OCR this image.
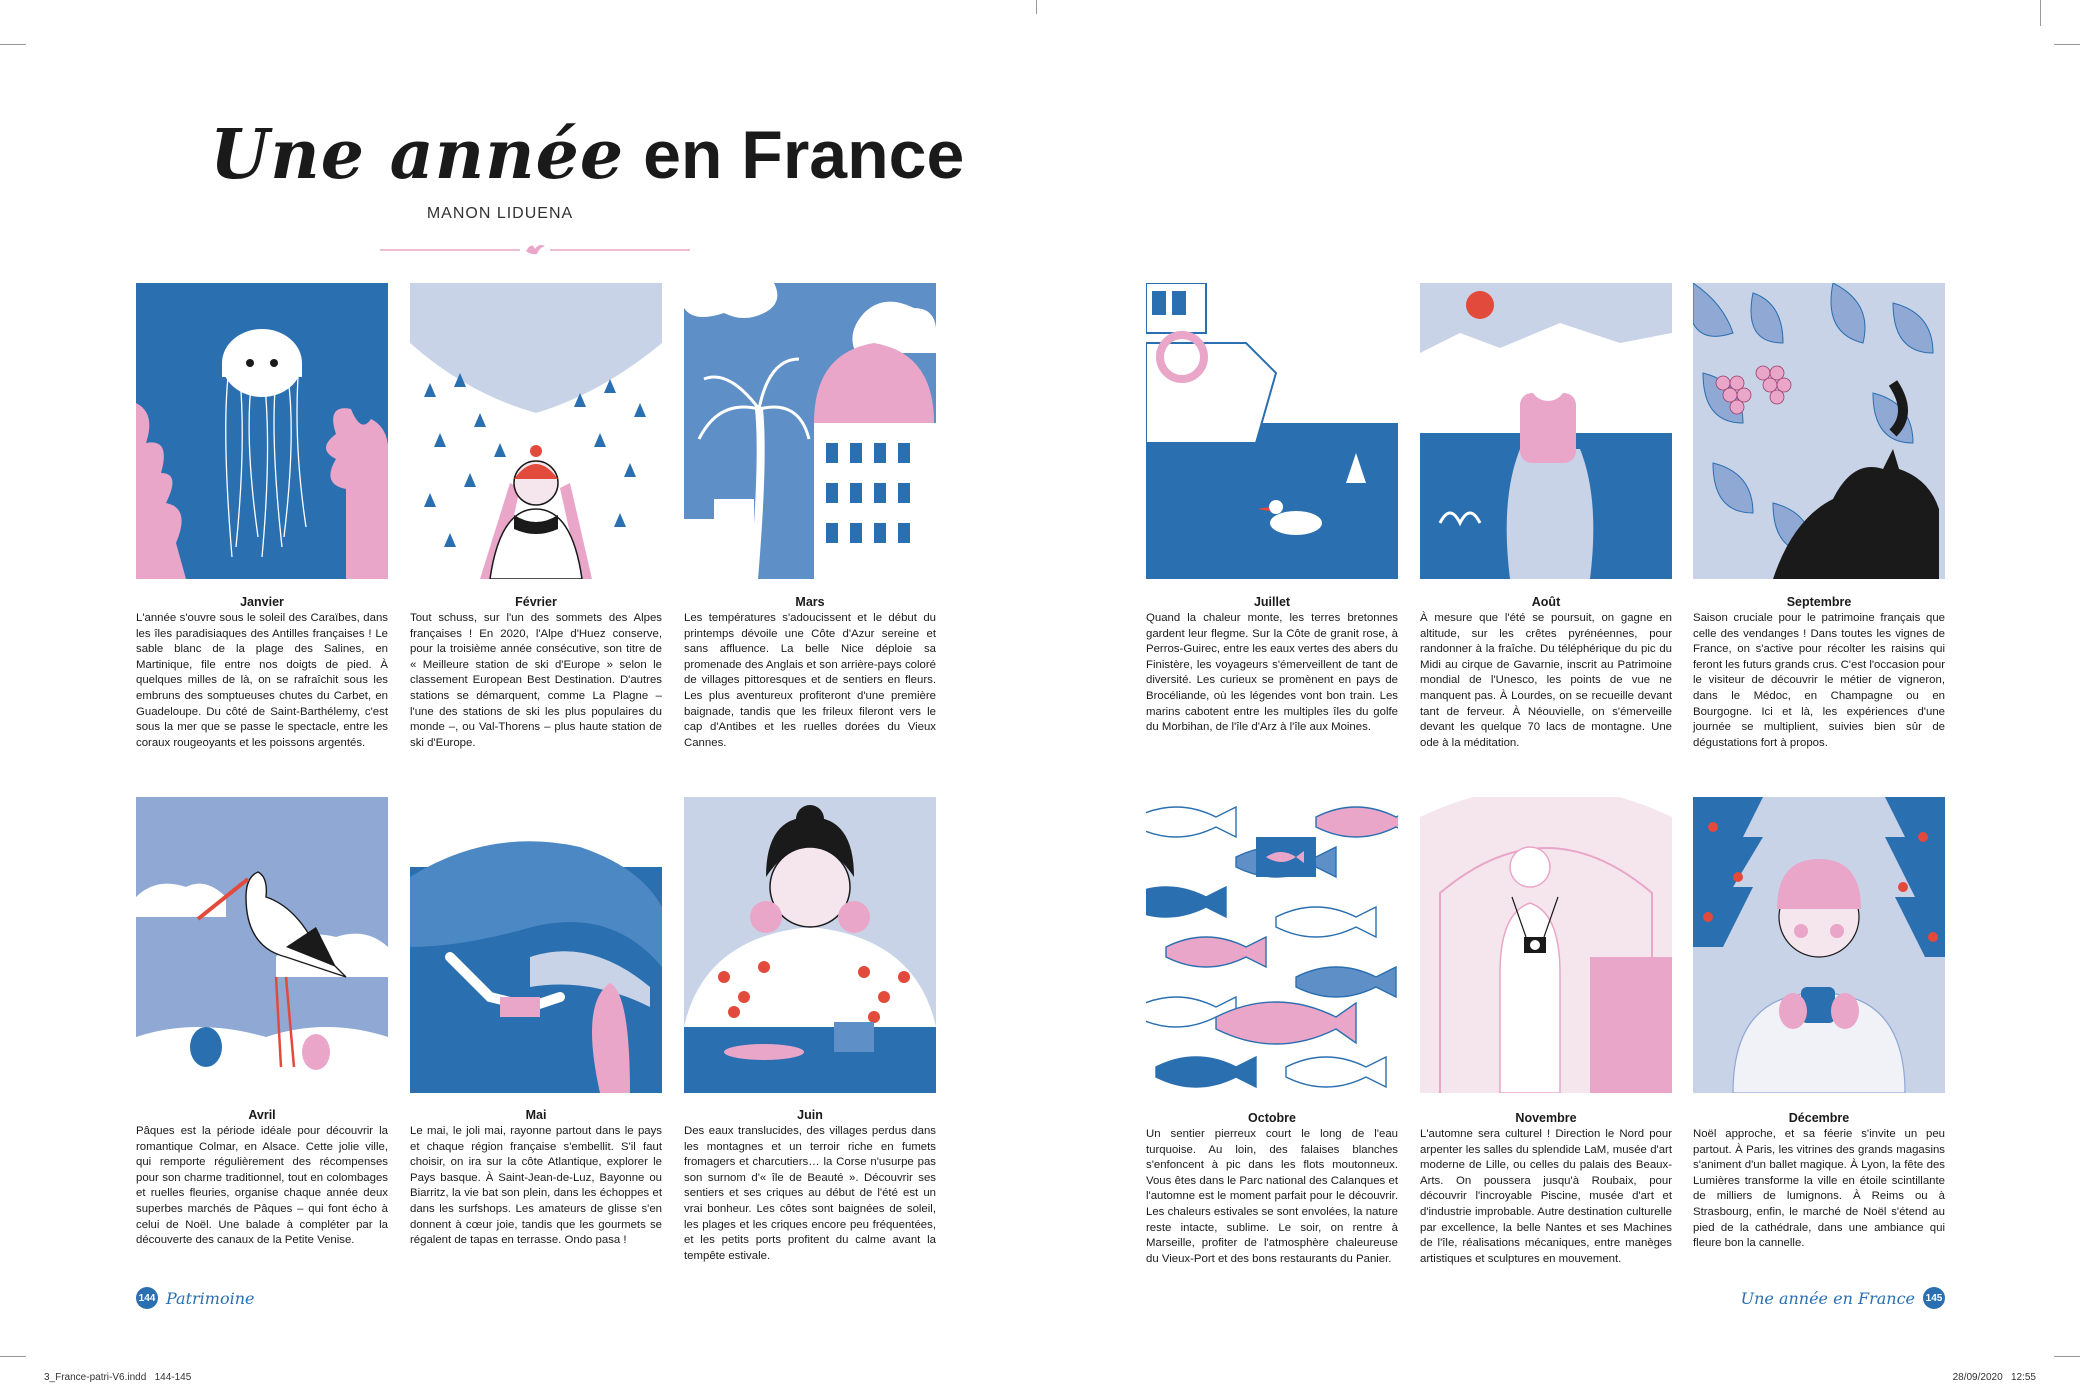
Une année en France
MANON LIDUENA
Janvier

L'année s'ouvre sous le soleil des Caraïbes, dans les îles paradisiaques des Antilles françaises ! Le sable blanc de la plage des Salines, en Martinique, file entre nos doigts de pied. À quelques milles de là, on se rafraîchit sous les embruns des somptueuses chutes du Carbet, en Guadeloupe. Du côté de Saint-Barthélemy, c'est sous la mer que se passe le spectacle, entre les coraux rougeoyants et les poissons argentés.

Février

Tout schuss, sur l'un des sommets des Alpes françaises ! En 2020, l'Alpe d'Huez conserve, pour la troisième année consécutive, son titre de « Meilleure station de ski d'Europe » selon le classement European Best Destination. D'autres stations se démarquent, comme La Plagne – l'une des stations de ski les plus populaires du monde –, ou Val-Thorens – plus haute station de ski d'Europe.

Mars

Les températures s'adoucissent et le début du printemps dévoile une Côte d'Azur sereine et sans affluence. La belle Nice déploie sa promenade des Anglais et son arrière-pays coloré de villages pittoresques et de sentiers en fleurs. Les plus aventureux profiteront d'une première baignade, tandis que les frileux fileront vers le cap d'Antibes et les ruelles dorées du Vieux Cannes.

Avril

Pâques est la période idéale pour découvrir la romantique Colmar, en Alsace. Cette jolie ville, qui remporte régulièrement des récompenses pour son charme traditionnel, tout en colombages et ruelles fleuries, organise chaque année deux superbes marchés de Pâques – qui font écho à celui de Noël. Une balade à compléter par la découverte des canaux de la Petite Venise.

Mai

Le mai, le joli mai, rayonne partout dans le pays et chaque région française s'embellit. S'il faut choisir, on ira sur la côte Atlantique, explorer le Pays basque. À Saint-Jean-de-Luz, Bayonne ou Biarritz, la vie bat son plein, dans les échoppes et dans les surfshops. Les amateurs de glisse s'en donnent à cœur joie, tandis que les gourmets se régalent de tapas en terrasse. Ondo pasa !

Juin

Des eaux translucides, des villages perdus dans les montagnes et un terroir riche en fumets fromagers et charcutiers… la Corse n'usurpe pas son surnom d'« île de Beauté ». Découvrir ses sentiers et ses criques au début de l'été est un vrai bonheur. Les côtes sont baignées de soleil, les plages et les criques encore peu fréquentées, et les petits ports profitent du calme avant la tempête estivale.

Juillet

Quand la chaleur monte, les terres bretonnes gardent leur flegme. Sur la Côte de granit rose, à Perros-Guirec, entre les eaux vertes des abers du Finistère, les voyageurs s'émerveillent de tant de diversité. Les curieux se promènent en pays de Brocéliande, où les légendes vont bon train. Les marins cabotent entre les multiples îles du golfe du Morbihan, de l'île d'Arz à l'île aux Moines.

Août

À mesure que l'été se poursuit, on gagne en altitude, sur les crêtes pyrénéennes, pour randonner à la fraîche. Du téléphérique du pic du Midi au cirque de Gavarnie, inscrit au Patrimoine mondial de l'Unesco, les points de vue ne manquent pas. À Lourdes, on se recueille devant tant de ferveur. À Néouvielle, on s'émerveille devant les quelque 70 lacs de montagne. Une ode à la méditation.

Septembre

Saison cruciale pour le patrimoine français que celle des vendanges ! Dans toutes les vignes de France, on s'active pour récolter les raisins qui feront les futurs grands crus. C'est l'occasion pour le visiteur de découvrir le métier de vigneron, dans le Médoc, en Champagne ou en Bourgogne. Ici et là, les expériences d'une journée se multiplient, suivies bien sûr de dégustations fort à propos.

Octobre

Un sentier pierreux court le long de l'eau turquoise. Au loin, des falaises blanches s'enfoncent à pic dans les flots moutonneux. Vous êtes dans le Parc national des Calanques et l'automne est le moment parfait pour le découvrir. Les chaleurs estivales se sont envolées, la nature reste intacte, sublime. Le soir, on rentre à Marseille, profiter de l'atmosphère chaleureuse du Vieux-Port et des bons restaurants du Panier.

Novembre

L'automne sera culturel ! Direction le Nord pour arpenter les salles du splendide LaM, musée d'art moderne de Lille, ou celles du palais des Beaux-Arts. On poussera jusqu'à Roubaix, pour découvrir l'incroyable Piscine, musée d'art et d'industrie improbable. Autre destination culturelle par excellence, la belle Nantes et ses Machines de l'île, réalisations mécaniques, entre manèges artistiques et sculptures en mouvement.

Décembre

Noël approche, et sa féerie s'invite un peu partout. À Paris, les vitrines des grands magasins s'animent d'un ballet magique. À Lyon, la fête des Lumières transforme la ville en étoile scintillante de milliers de lumignons. À Reims ou à Strasbourg, enfin, le marché de Noël s'étend au pied de la cathédrale, dans une ambiance qui fleure bon la cannelle.

144 Patrimoine	Une année en France 145
3_France-patri-V6.indd   144-145	28/09/2020   12:55
